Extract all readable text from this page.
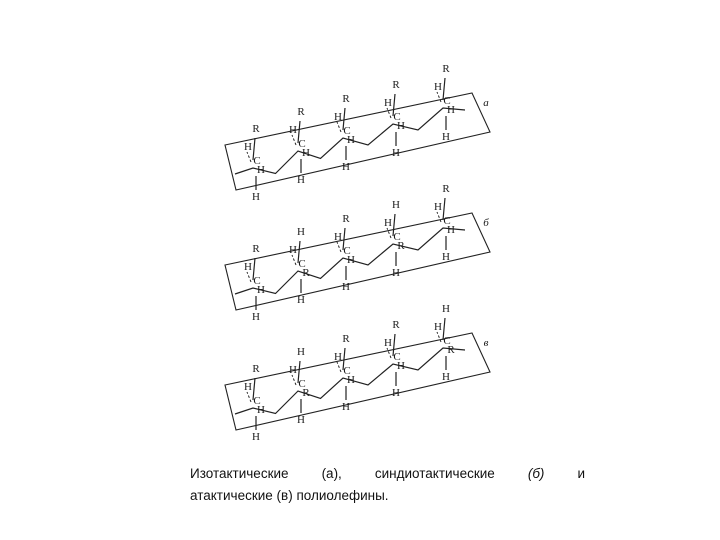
R
H
H
H
C
R
H
H
H
C
R
H
H
H
C
R
H
H
H
C
R
H
H
H
C	a
R
H
H
H
C
H
H
R
H
C
R
H
H
H
C
H
H
R
H
C
R
H
H
H
C	б
R
H
H
H
C
H
H
R
H
C
R
H
H
H
C
R
H
H
H
C
H
H
R
H
C	в
Изотактические (а), синдиотактические (б) и
атактические (в) полиолефины.
